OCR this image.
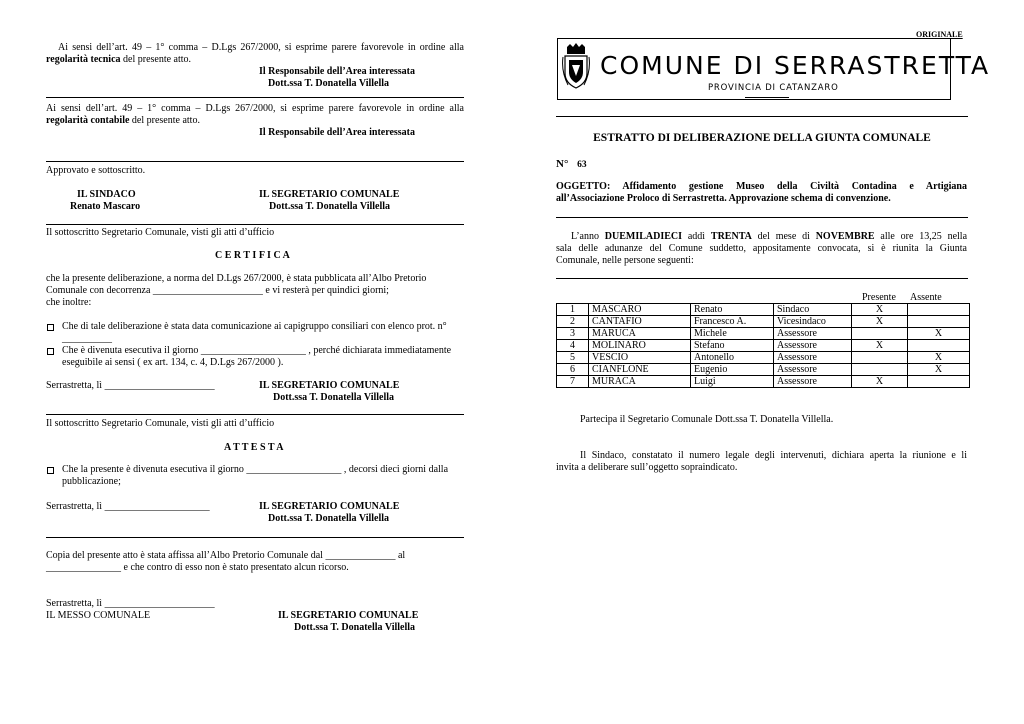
Ai sensi dell’art. 49 – 1° comma – D.Lgs 267/2000, si esprime parere favorevole in ordine alla regolarità tecnica del presente atto.
Il Responsabile dell’Area interessata
Dott.ssa T. Donatella Villella
Ai sensi dell’art. 49 – 1° comma – D.Lgs 267/2000, si esprime parere favorevole in ordine alla regolarità contabile del presente atto.
Il Responsabile dell’Area interessata
Approvato e sottoscritto.
IL SINDACO
Renato Mascaro
IL SEGRETARIO COMUNALE
Dott.ssa T. Donatella Villella
Il sottoscritto Segretario Comunale, visti gli atti d’ufficio
C E R T I F I C A
che la presente deliberazione, a norma del D.Lgs 267/2000, è stata pubblicata all’Albo Pretorio
Comunale con decorrenza ______________________ e vi resterà per quindici giorni;
che inoltre:
Che di tale deliberazione è stata data comunicazione ai capigruppo consiliari con elenco prot. n°
__________
Che è divenuta esecutiva il giorno _____________________ , perché dichiarata immediatamente
eseguibile ai sensi ( ex art. 134, c. 4, D.Lgs 267/2000 ).
Serrastretta, lì ______________________	IL SEGRETARIO COMUNALE
Dott.ssa T. Donatella Villella
Il sottoscritto Segretario Comunale, visti gli atti d’ufficio
A T T E S T A
Che la presente è divenuta esecutiva il giorno ___________________ , decorsi dieci giorni dalla
pubblicazione;
Serrastretta, lì _____________________	IL SEGRETARIO COMUNALE
Dott.ssa T. Donatella Villella
Copia del presente atto è stata affissa all’Albo Pretorio Comunale dal ______________ al
_______________ e che contro di esso non è stato presentato alcun ricorso.
Serrastretta, lì ______________________
IL MESSO COMUNALE	IL SEGRETARIO COMUNALE
Dott.ssa T. Donatella Villella
ORIGINALE
COMUNE DI SERRASTRETTA
PROVINCIA DI CATANZARO
ESTRATTO DI DELIBERAZIONE DELLA GIUNTA COMUNALE
N° 63
OGGETTO: Affidamento gestione Museo della Civiltà Contadina e Artigiana
all’Associazione Proloco di Serrastretta. Approvazione schema di convenzione.
L’anno DUEMILADIECI addì TRENTA del mese di NOVEMBRE alle ore 13,25 nella
sala delle adunanze del Comune suddetto, appositamente convocata, si è riunita la Giunta
Comunale, nelle persone seguenti:
Presente Assente
1	MASCARO	Renato	Sindaco	X	
2	CANTAFIO	Francesco A.	Vicesindaco	X	
3	MARUCA	Michele	Assessore		X
4	MOLINARO	Stefano	Assessore	X	
5	VESCIO	Antonello	Assessore		X
6	CIANFLONE	Eugenio	Assessore		X
7	MURACA	Luigi	Assessore	X	
Partecipa il Segretario Comunale Dott.ssa T. Donatella Villella.
Il Sindaco, constatato il numero legale degli intervenuti, dichiara aperta la riunione e li
invita a deliberare sull’oggetto sopraindicato.
